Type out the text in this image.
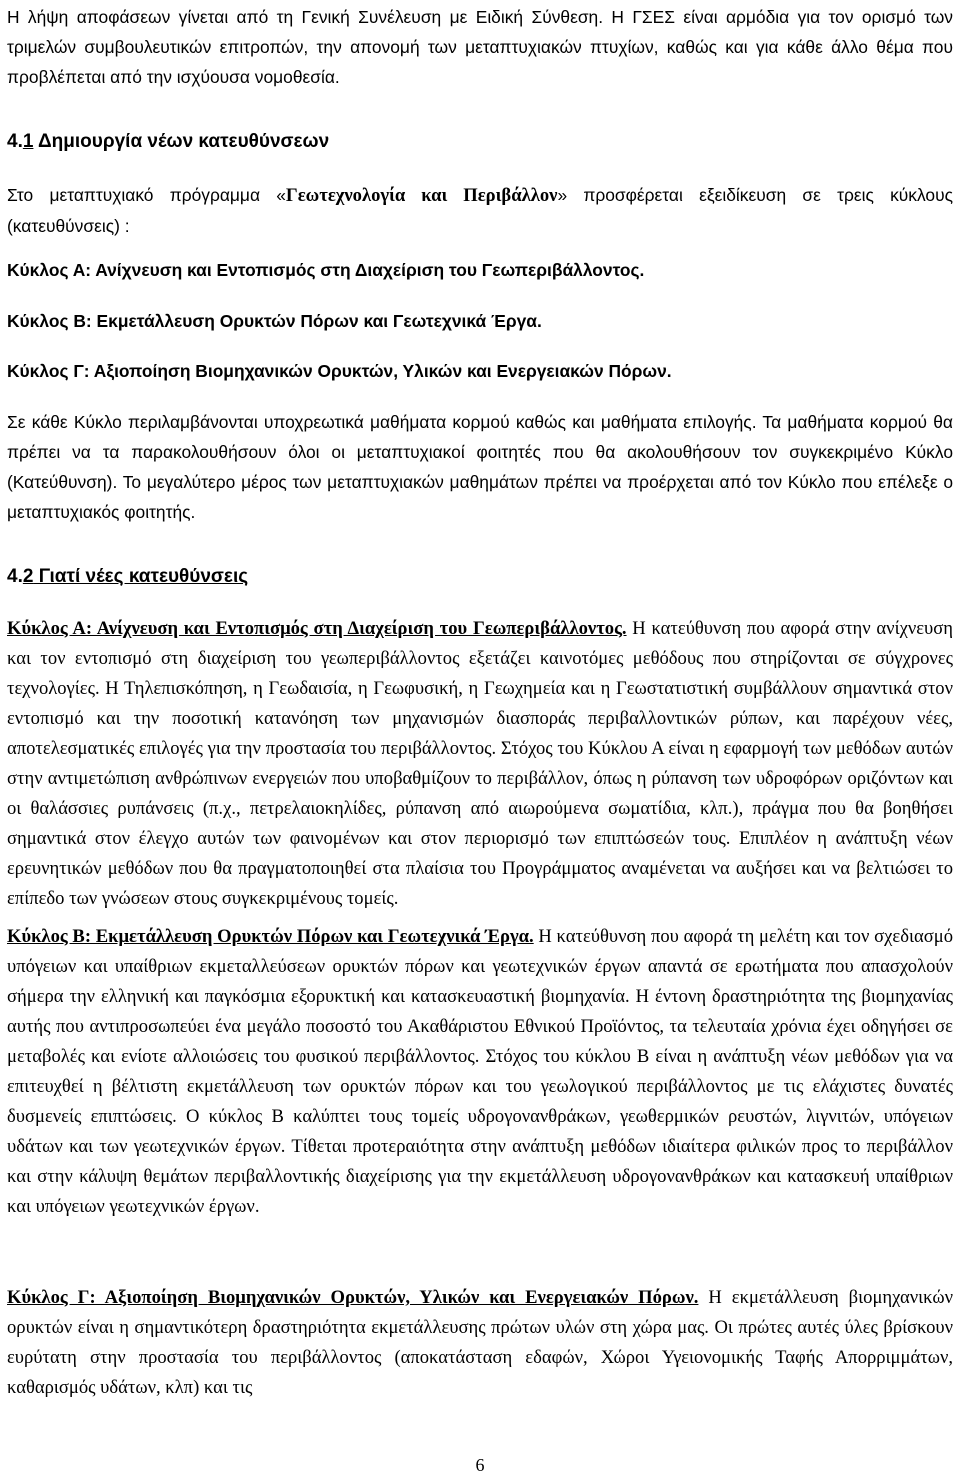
Η λήψη αποφάσεων γίνεται από τη Γενική Συνέλευση με Ειδική Σύνθεση. Η ΓΣΕΣ είναι αρμόδια για τον ορισμό των τριμελών συμβουλευτικών επιτροπών, την απονομή των μεταπτυχιακών πτυχίων, καθώς και για κάθε άλλο θέμα που προβλέπεται από την ισχύουσα νομοθεσία.

4.1 Δημιουργία νέων κατευθύνσεων

Στο μεταπτυχιακό πρόγραμμα «Γεωτεχνολογία και Περιβάλλον» προσφέρεται εξειδίκευση σε τρεις κύκλους (κατευθύνσεις) :

Κύκλος Α: Ανίχνευση και Εντοπισμός στη Διαχείριση του Γεωπεριβάλλοντος.

Κύκλος Β: Εκμετάλλευση Ορυκτών Πόρων και Γεωτεχνικά Έργα.

Κύκλος Γ: Αξιοποίηση Βιομηχανικών Ορυκτών, Υλικών και Ενεργειακών Πόρων.

Σε κάθε Κύκλο περιλαμβάνονται υποχρεωτικά μαθήματα κορμού καθώς και μαθήματα επιλογής. Τα μαθήματα κορμού θα πρέπει να τα παρακολουθήσουν όλοι οι μεταπτυχιακοί φοιτητές που θα ακολουθήσουν τον συγκεκριμένο Κύκλο (Κατεύθυνση). Το μεγαλύτερο μέρος των μεταπτυχιακών μαθημάτων πρέπει να προέρχεται από τον Κύκλο που επέλεξε ο μεταπτυχιακός φοιτητής.

4.2 Γιατί νέες κατευθύνσεις

Κύκλος Α: Ανίχνευση και Εντοπισμός στη Διαχείριση του Γεωπεριβάλλοντος. Η κατεύθυνση που αφορά στην ανίχνευση και τον εντοπισμό στη διαχείριση του γεωπεριβάλλοντος εξετάζει καινοτόμες μεθόδους που στηρίζονται σε σύγχρονες τεχνολογίες. Η Τηλεπισκόπηση, η Γεωδαισία, η Γεωφυσική, η Γεωχημεία και η Γεωστατιστική συμβάλλουν σημαντικά στον εντοπισμό και την ποσοτική κατανόηση των μηχανισμών διασποράς περιβαλλοντικών ρύπων, και παρέχουν νέες, αποτελεσματικές επιλογές για την προστασία του περιβάλλοντος. Στόχος του Κύκλου Α είναι η εφαρμογή των μεθόδων αυτών στην αντιμετώπιση ανθρώπινων ενεργειών που υποβαθμίζουν το περιβάλλον, όπως η ρύπανση των υδροφόρων οριζόντων και οι θαλάσσιες ρυπάνσεις (π.χ., πετρελαιοκηλίδες, ρύπανση από αιωρούμενα σωματίδια, κλπ.), πράγμα που θα βοηθήσει σημαντικά στον έλεγχο αυτών των φαινομένων και στον περιορισμό των επιπτώσεών τους. Επιπλέον η ανάπτυξη νέων ερευνητικών μεθόδων που θα πραγματοποιηθεί στα πλαίσια του Προγράμματος αναμένεται να αυξήσει και να βελτιώσει το επίπεδο των γνώσεων στους συγκεκριμένους τομείς.

Κύκλος Β: Εκμετάλλευση Ορυκτών Πόρων και Γεωτεχνικά Έργα. Η κατεύθυνση που αφορά τη μελέτη και τον σχεδιασμό υπόγειων και υπαίθριων εκμεταλλεύσεων ορυκτών πόρων και γεωτεχνικών έργων απαντά σε ερωτήματα που απασχολούν σήμερα την ελληνική και παγκόσμια εξορυκτική και κατασκευαστική βιομηχανία. Η έντονη δραστηριότητα της βιομηχανίας αυτής που αντιπροσωπεύει ένα μεγάλο ποσοστό του Ακαθάριστου Εθνικού Προϊόντος, τα τελευταία χρόνια έχει οδηγήσει σε μεταβολές και ενίοτε αλλοιώσεις του φυσικού περιβάλλοντος. Στόχος του κύκλου Β είναι η ανάπτυξη νέων μεθόδων για να επιτευχθεί η βέλτιστη εκμετάλλευση των ορυκτών πόρων και του γεωλογικού περιβάλλοντος με τις ελάχιστες δυνατές δυσμενείς επιπτώσεις. Ο κύκλος Β καλύπτει τους τομείς υδρογονανθράκων, γεωθερμικών ρευστών, λιγνιτών, υπόγειων υδάτων και των γεωτεχνικών έργων. Τίθεται προτεραιότητα στην ανάπτυξη μεθόδων ιδιαίτερα φιλικών προς το περιβάλλον και στην κάλυψη θεμάτων περιβαλλοντικής διαχείρισης για την εκμετάλλευση υδρογονανθράκων και κατασκευή υπαίθριων και υπόγειων γεωτεχνικών έργων.

Κύκλος Γ: Αξιοποίηση Βιομηχανικών Ορυκτών, Υλικών και Ενεργειακών Πόρων. Η εκμετάλλευση βιομηχανικών ορυκτών είναι η σημαντικότερη δραστηριότητα εκμετάλλευσης πρώτων υλών στη χώρα μας. Οι πρώτες αυτές ύλες βρίσκουν ευρύτατη στην προστασία του περιβάλλοντος (αποκατάσταση εδαφών, Χώροι Υγειονομικής Ταφής Απορριμμάτων, καθαρισμός υδάτων, κλπ) και τις

6
